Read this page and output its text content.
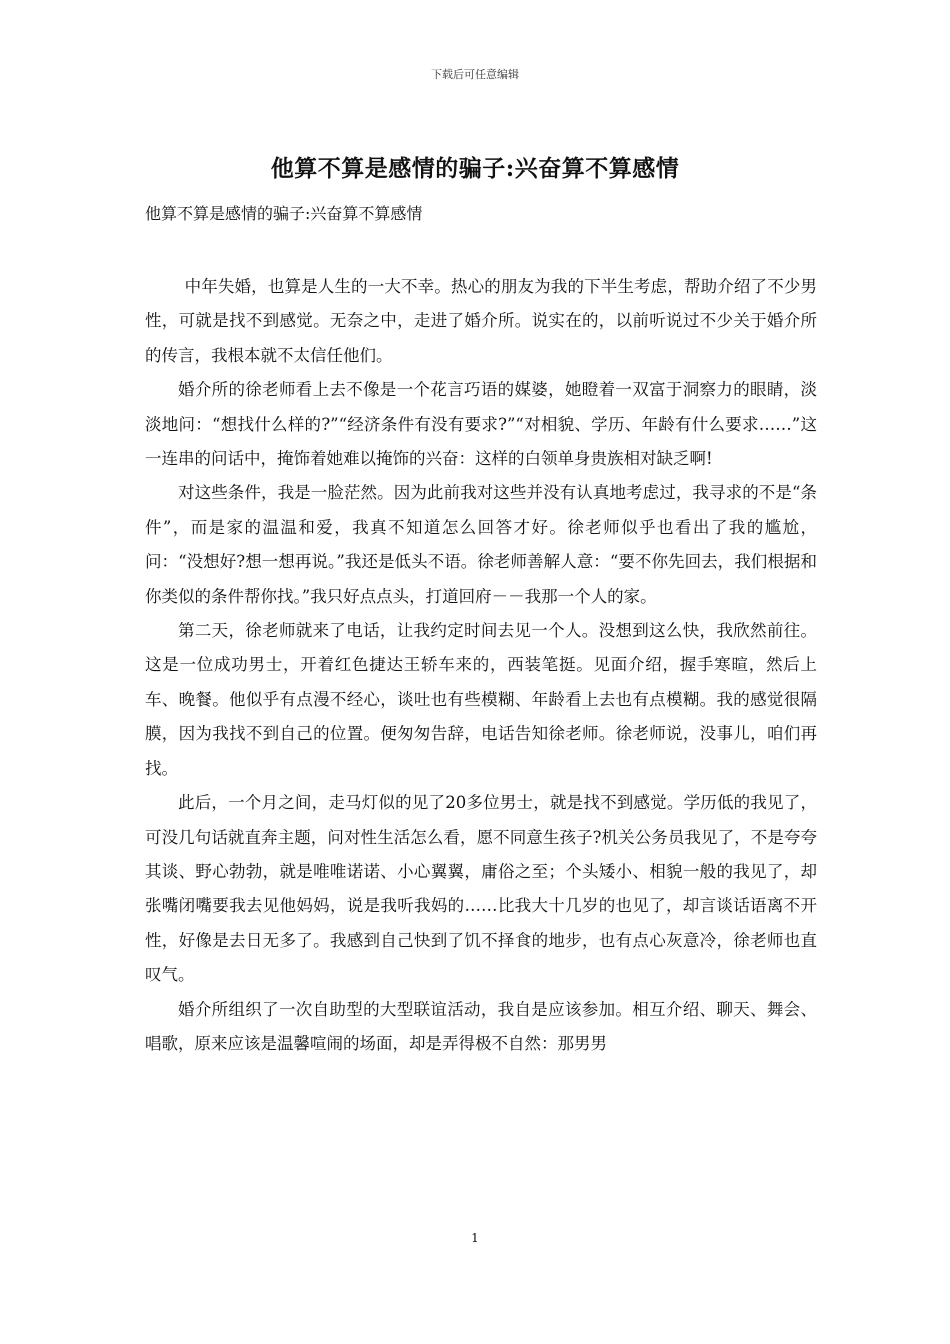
下载后可任意编辑
他算不算是感情的骗子:兴奋算不算感情

他算不算是感情的骗子:兴奋算不算感情

中年失婚，也算是人生的一大不幸。热心的朋友为我的下半生考虑，帮助介绍了不少男性，可就是找不到感觉。无奈之中，走进了婚介所。说实在的，以前听说过不少关于婚介所的传言，我根本就不太信任他们。

婚介所的徐老师看上去不像是一个花言巧语的媒婆，她瞪着一双富于洞察力的眼睛，淡淡地问：“想找什么样的?”“经济条件有没有要求?”“对相貌、学历、年龄有什么要求……”这一连串的问话中，掩饰着她难以掩饰的兴奋：这样的白领单身贵族相对缺乏啊!

对这些条件，我是一脸茫然。因为此前我对这些并没有认真地考虑过，我寻求的不是“条件”，而是家的温温和爱，我真不知道怎么回答才好。徐老师似乎也看出了我的尴尬，问：“没想好?想一想再说。”我还是低头不语。徐老师善解人意：“要不你先回去，我们根据和你类似的条件帮你找。”我只好点点头，打道回府－－我那一个人的家。

第二天，徐老师就来了电话，让我约定时间去见一个人。没想到这么快，我欣然前往。这是一位成功男士，开着红色捷达王轿车来的，西装笔挺。见面介绍，握手寒暄，然后上车、晚餐。他似乎有点漫不经心，谈吐也有些模糊、年龄看上去也有点模糊。我的感觉很隔膜，因为我找不到自己的位置。便匆匆告辞，电话告知徐老师。徐老师说，没事儿，咱们再找。

此后，一个月之间，走马灯似的见了20多位男士，就是找不到感觉。学历低的我见了，可没几句话就直奔主题，问对性生活怎么看，愿不同意生孩子?机关公务员我见了，不是夸夸其谈、野心勃勃，就是唯唯诺诺、小心翼翼，庸俗之至；个头矮小、相貌一般的我见了，却张嘴闭嘴要我去见他妈妈，说是我听我妈的……比我大十几岁的也见了，却言谈话语离不开性，好像是去日无多了。我感到自己快到了饥不择食的地步，也有点心灰意冷，徐老师也直叹气。

婚介所组织了一次自助型的大型联谊活动，我自是应该参加。相互介绍、聊天、舞会、唱歌，原来应该是温馨喧闹的场面，却是弄得极不自然：那男男

1
